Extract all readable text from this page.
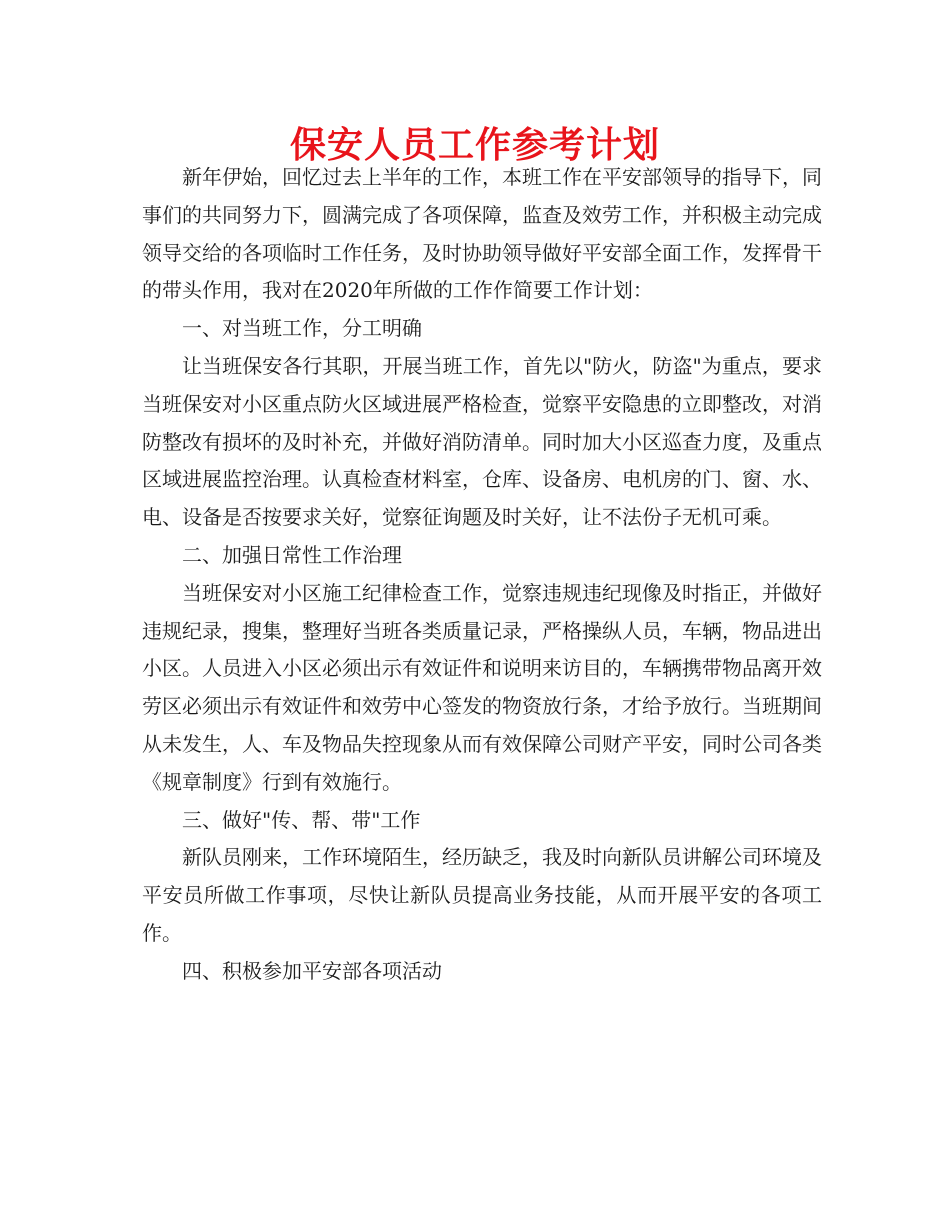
保安人员工作参考计划

新年伊始，回忆过去上半年的工作，本班工作在平安部领导的指导下，同事们的共同努力下，圆满完成了各项保障，监查及效劳工作，并积极主动完成领导交给的各项临时工作任务，及时协助领导做好平安部全面工作，发挥骨干的带头作用，我对在2020年所做的工作作简要工作计划：

一、对当班工作，分工明确

让当班保安各行其职，开展当班工作，首先以"防火，防盗"为重点，要求当班保安对小区重点防火区域进展严格检查，觉察平安隐患的立即整改，对消防整改有损坏的及时补充，并做好消防清单。同时加大小区巡查力度，及重点区域进展监控治理。认真检查材料室，仓库、设备房、电机房的门、窗、水、电、设备是否按要求关好，觉察征询题及时关好，让不法份子无机可乘。

二、加强日常性工作治理

当班保安对小区施工纪律检查工作，觉察违规违纪现像及时指正，并做好违规纪录，搜集，整理好当班各类质量记录，严格操纵人员，车辆，物品进出小区。人员进入小区必须出示有效证件和说明来访目的，车辆携带物品离开效劳区必须出示有效证件和效劳中心签发的物资放行条，才给予放行。当班期间从未发生，人、车及物品失控现象从而有效保障公司财产平安，同时公司各类《规章制度》行到有效施行。

三、做好"传、帮、带"工作

新队员刚来，工作环境陌生，经历缺乏，我及时向新队员讲解公司环境及平安员所做工作事项，尽快让新队员提高业务技能，从而开展平安的各项工作。

四、积极参加平安部各项活动
